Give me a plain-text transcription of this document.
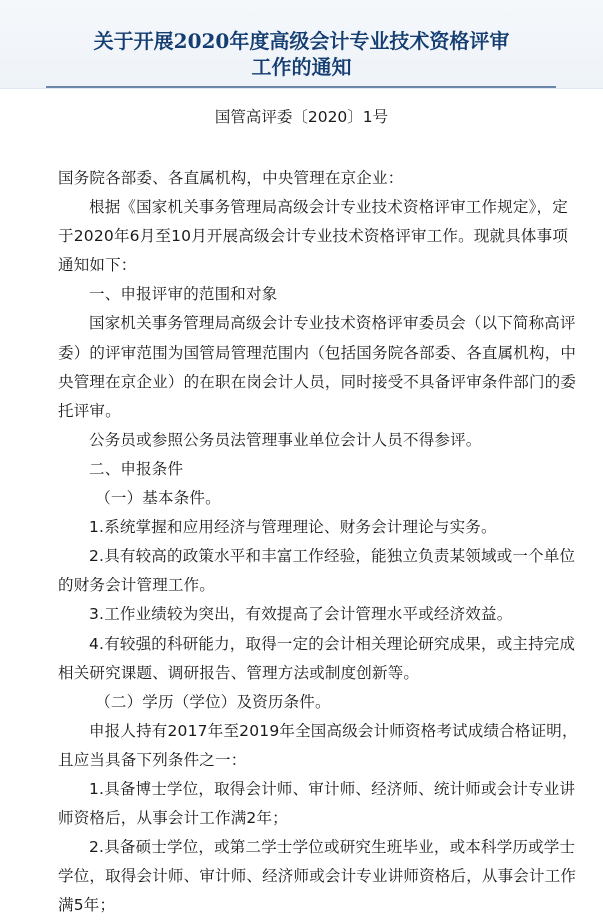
关于开展2020年度高级会计专业技术资格评审
工作的通知
国管高评委〔2020〕1号

国务院各部委、各直属机构，中央管理在京企业：

根据《国家机关事务管理局高级会计专业技术资格评审工作规定》，定于2020年6月至10月开展高级会计专业技术资格评审工作。现就具体事项通知如下：

一、申报评审的范围和对象

国家机关事务管理局高级会计专业技术资格评审委员会（以下简称高评委）的评审范围为国管局管理范围内（包括国务院各部委、各直属机构，中央管理在京企业）的在职在岗会计人员，同时接受不具备评审条件部门的委托评审。

公务员或参照公务员法管理事业单位会计人员不得参评。

二、申报条件

（一）基本条件。

1.系统掌握和应用经济与管理理论、财务会计理论与实务。

2.具有较高的政策水平和丰富工作经验，能独立负责某领域或一个单位的财务会计管理工作。

3.工作业绩较为突出，有效提高了会计管理水平或经济效益。

4.有较强的科研能力，取得一定的会计相关理论研究成果，或主持完成相关研究课题、调研报告、管理方法或制度创新等。

（二）学历（学位）及资历条件。

申报人持有2017年至2019年全国高级会计师资格考试成绩合格证明，且应当具备下列条件之一：

1.具备博士学位，取得会计师、审计师、经济师、统计师或会计专业讲师资格后，从事会计工作满2年；

2.具备硕士学位，或第二学士学位或研究生班毕业，或本科学历或学士学位，取得会计师、审计师、经济师或会计专业讲师资格后，从事会计工作满5年；
